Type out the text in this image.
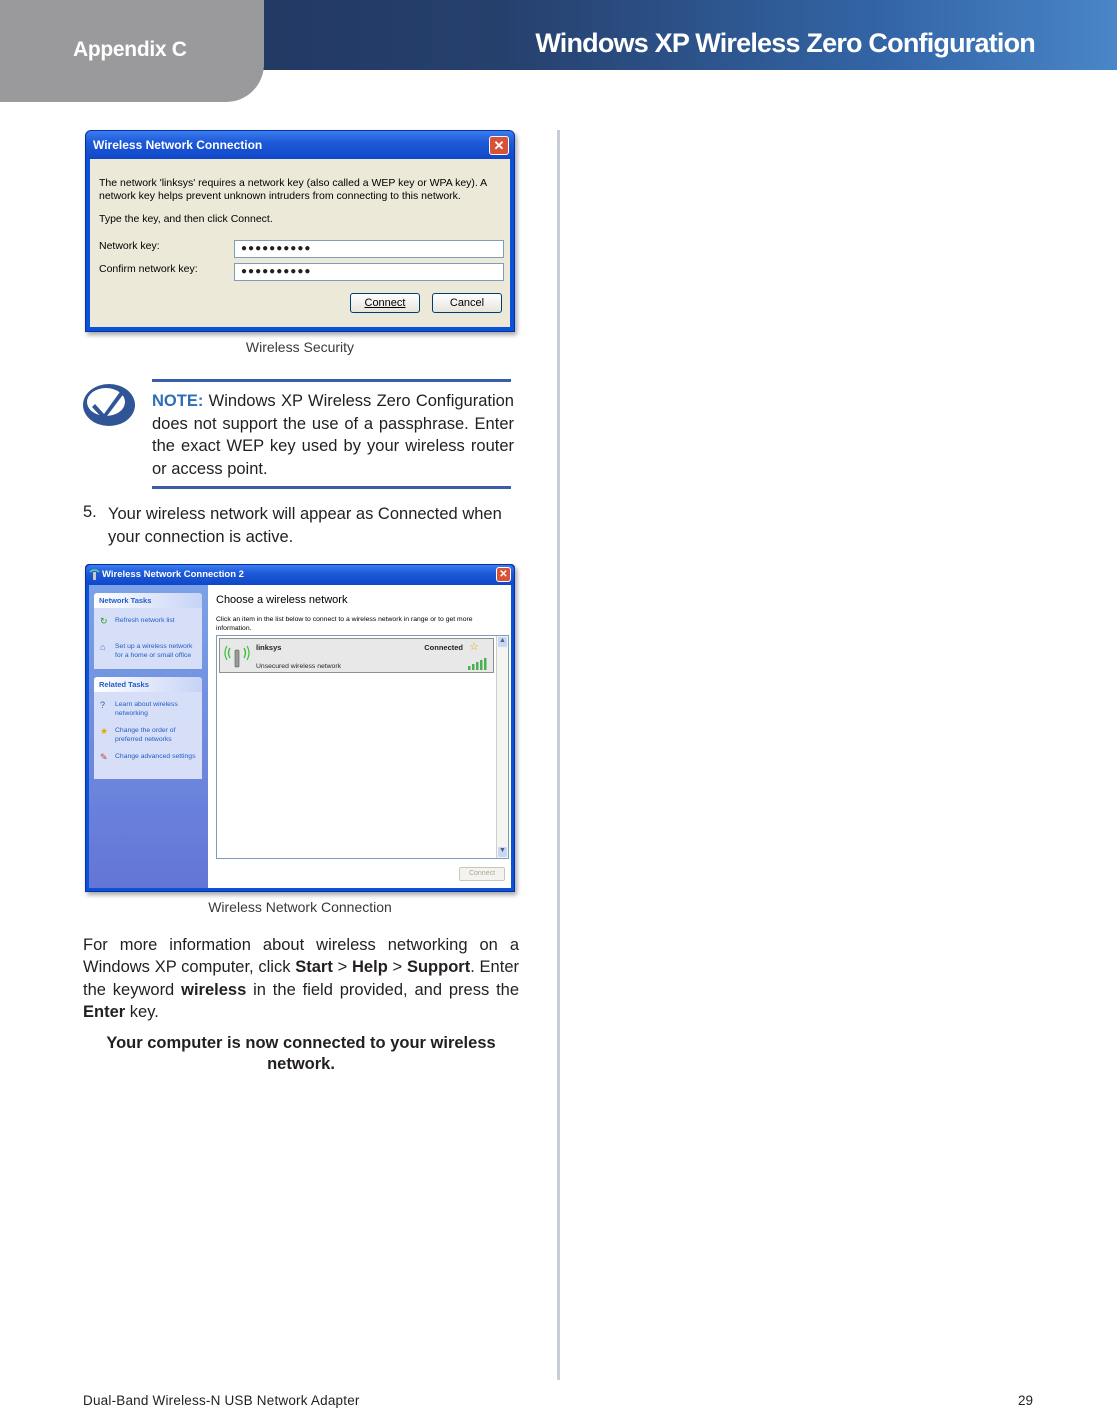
Appendix C	Windows XP Wireless Zero Configuration
Wireless Network Connection	✕
The network 'linksys' requires a network key (also called a WEP key or WPA key). A network key helps prevent unknown intruders from connecting to this network.
Type the key, and then click Connect.
Network key:	●●●●●●●●●●
Confirm network key:	●●●●●●●●●●
Connect	Cancel
Wireless Security
NOTE: Windows XP Wireless Zero Configuration does not support the use of a passphrase. Enter the exact WEP key used by your wireless router or access point.
5. Your wireless network will appear as Connected when your connection is active.
Wireless Network Connection 2	✕
Network Tasks
↻ Refresh network list
⌂ Set up a wireless network for a home or small office
Related Tasks
? Learn about wireless networking
★ Change the order of preferred networks
✎ Change advanced settings
Choose a wireless network
Click an item in the list below to connect to a wireless network in range or to get more information.
linksys	Connected ☆
Unsecured wireless network
▲
▼
Connect
Wireless Network Connection
For more information about wireless networking on a Windows XP computer, click Start > Help > Support. Enter the keyword wireless in the field provided, and press the Enter key.
Your computer is now connected to your wireless network.
Dual-Band Wireless-N USB Network Adapter	29
